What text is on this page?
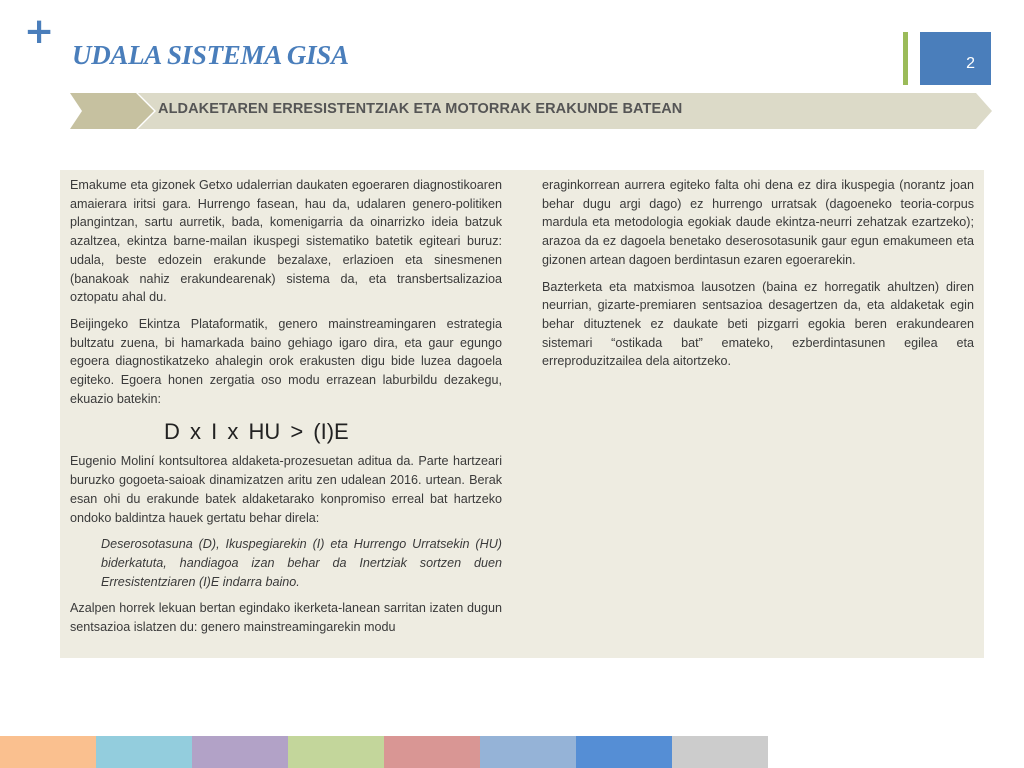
+
UDALA SISTEMA GISA	2
ALDAKETAREN ERRESISTENTZIAK ETA MOTORRAK ERAKUNDE BATEAN

Emakume eta gizonek Getxo udalerrian daukaten egoeraren diagnostikoaren amaierara iritsi gara. Hurrengo fasean, hau da, udalaren genero-politiken plangintzan, sartu aurretik, bada, komenigarria da oinarrizko ideia batzuk azaltzea, ekintza barne-mailan ikuspegi sistematiko batetik egiteari buruz: udala, beste edozein erakunde bezalaxe, erlazioen eta sinesmenen (banakoak nahiz erakundearenak) sistema da, eta transbertsalizazioa oztopatu ahal du.

Beijingeko Ekintza Plataformatik, genero mainstreamingaren estrategia bultzatu zuena, bi hamarkada baino gehiago igaro dira, eta gaur egungo egoera diagnostikatzeko ahalegin orok erakusten digu bide luzea dagoela egiteko. Egoera honen zergatia oso modu errazean laburbildu dezakegu, ekuazio batekin:

D x I x HU > (I)E

Eugenio Moliní kontsultorea aldaketa-prozesuetan aditua da. Parte hartzeari buruzko gogoeta-saioak dinamizatzen aritu zen udalean 2016. urtean. Berak esan ohi du erakunde batek aldaketarako konpromiso erreal bat hartzeko ondoko baldintza hauek gertatu behar direla:

Deserosotasuna (D), Ikuspegiarekin (I) eta Hurrengo Urratsekin (HU) biderkatuta, handiagoa izan behar da Inertziak sortzen duen Erresistentziaren (I)E indarra baino.

Azalpen horrek lekuan bertan egindako ikerketa-lanean sarritan izaten dugun sentsazioa islatzen du: genero mainstreamingarekin modu

eraginkorrean aurrera egiteko falta ohi dena ez dira ikuspegia (norantz joan behar dugu argi dago) ez hurrengo urratsak (dagoeneko teoria-corpus mardula eta metodologia egokiak daude ekintza-neurri zehatzak ezartzeko); arazoa da ez dagoela benetako deserosotasunik gaur egun emakumeen eta gizonen artean dagoen berdintasun ezaren egoerarekin.

Bazterketa eta matxismoa lausotzen (baina ez horregatik ahultzen) diren neurrian, gizarte-premiaren sentsazioa desagertzen da, eta aldaketak egin behar dituztenek ez daukate beti pizgarri egokia beren erakundearen sistemari “ostikada bat” emateko, ezberdintasunen egilea eta erreproduzitzailea dela aitortzeko.
